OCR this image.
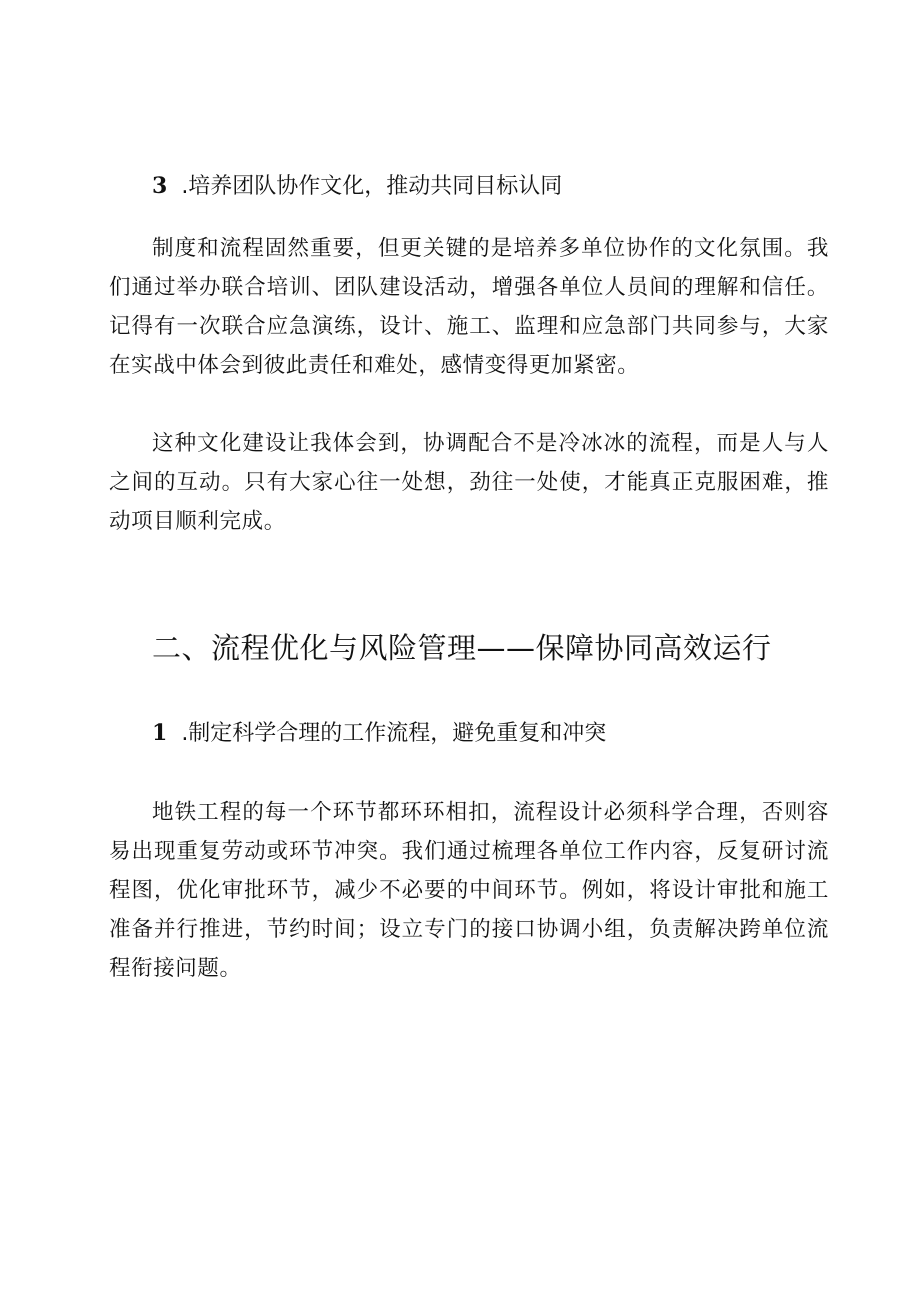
3 .培养团队协作文化，推动共同目标认同

制度和流程固然重要，但更关键的是培养多单位协作的文化氛围。我们通过举办联合培训、团队建设活动，增强各单位人员间的理解和信任。记得有一次联合应急演练，设计、施工、监理和应急部门共同参与，大家在实战中体会到彼此责任和难处，感情变得更加紧密。

这种文化建设让我体会到，协调配合不是冷冰冰的流程，而是人与人之间的互动。只有大家心往一处想，劲往一处使，才能真正克服困难，推动项目顺利完成。

二、流程优化与风险管理——保障协同高效运行
1 .制定科学合理的工作流程，避免重复和冲突

地铁工程的每一个环节都环环相扣，流程设计必须科学合理，否则容易出现重复劳动或环节冲突。我们通过梳理各单位工作内容，反复研讨流程图，优化审批环节，减少不必要的中间环节。例如，将设计审批和施工准备并行推进，节约时间；设立专门的接口协调小组，负责解决跨单位流程衔接问题。
